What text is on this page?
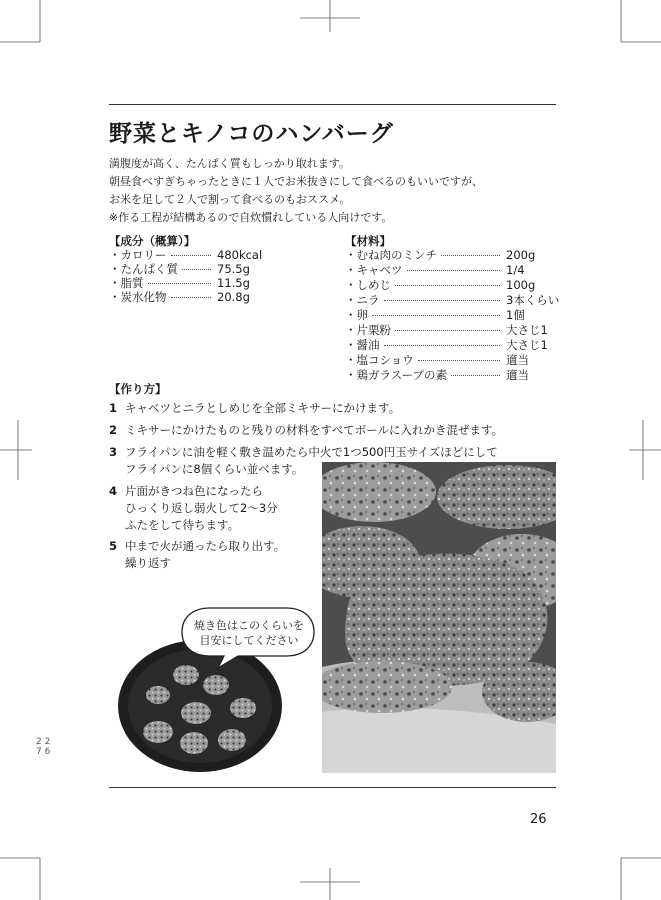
野菜とキノコのハンバーグ
満腹度が高く、たんぱく質もしっかり取れます。
朝昼食べすぎちゃったときに１人でお米抜きにして食べるのもいいですが、
お米を足して２人で割って食べるのもおススメ。
※作る工程が結構あるので自炊慣れしている人向けです。
【成分（概算）】
・カロリー	480kcal
・たんぱく質	75.5g
・脂質	11.5g
・炭水化物	20.8g
【材料】
・むね肉のミンチ	200g
・キャベツ	1/4
・しめじ	100g
・ニラ	3本くらい
・卵	1個
・片栗粉	大さじ1
・醤油	大さじ1
・塩コショウ	適当
・鶏ガラスープの素	適当
【作り方】
1 キャベツとニラとしめじを全部ミキサーにかけます。
2 ミキサーにかけたものと残りの材料をすべてボールに入れかき混ぜます。
3 フライパンに油を軽く敷き温めたら中火で1つ500円玉サイズほどにして
フライパンに8個くらい並べます。
4 片面がきつね色になったら
ひっくり返し弱火して2〜3分
ふたをして待ちます。
5 中まで火が通ったら取り出す。
繰り返す
焼き色はこのくらいを
目安にしてください
2 2
7 6
26
